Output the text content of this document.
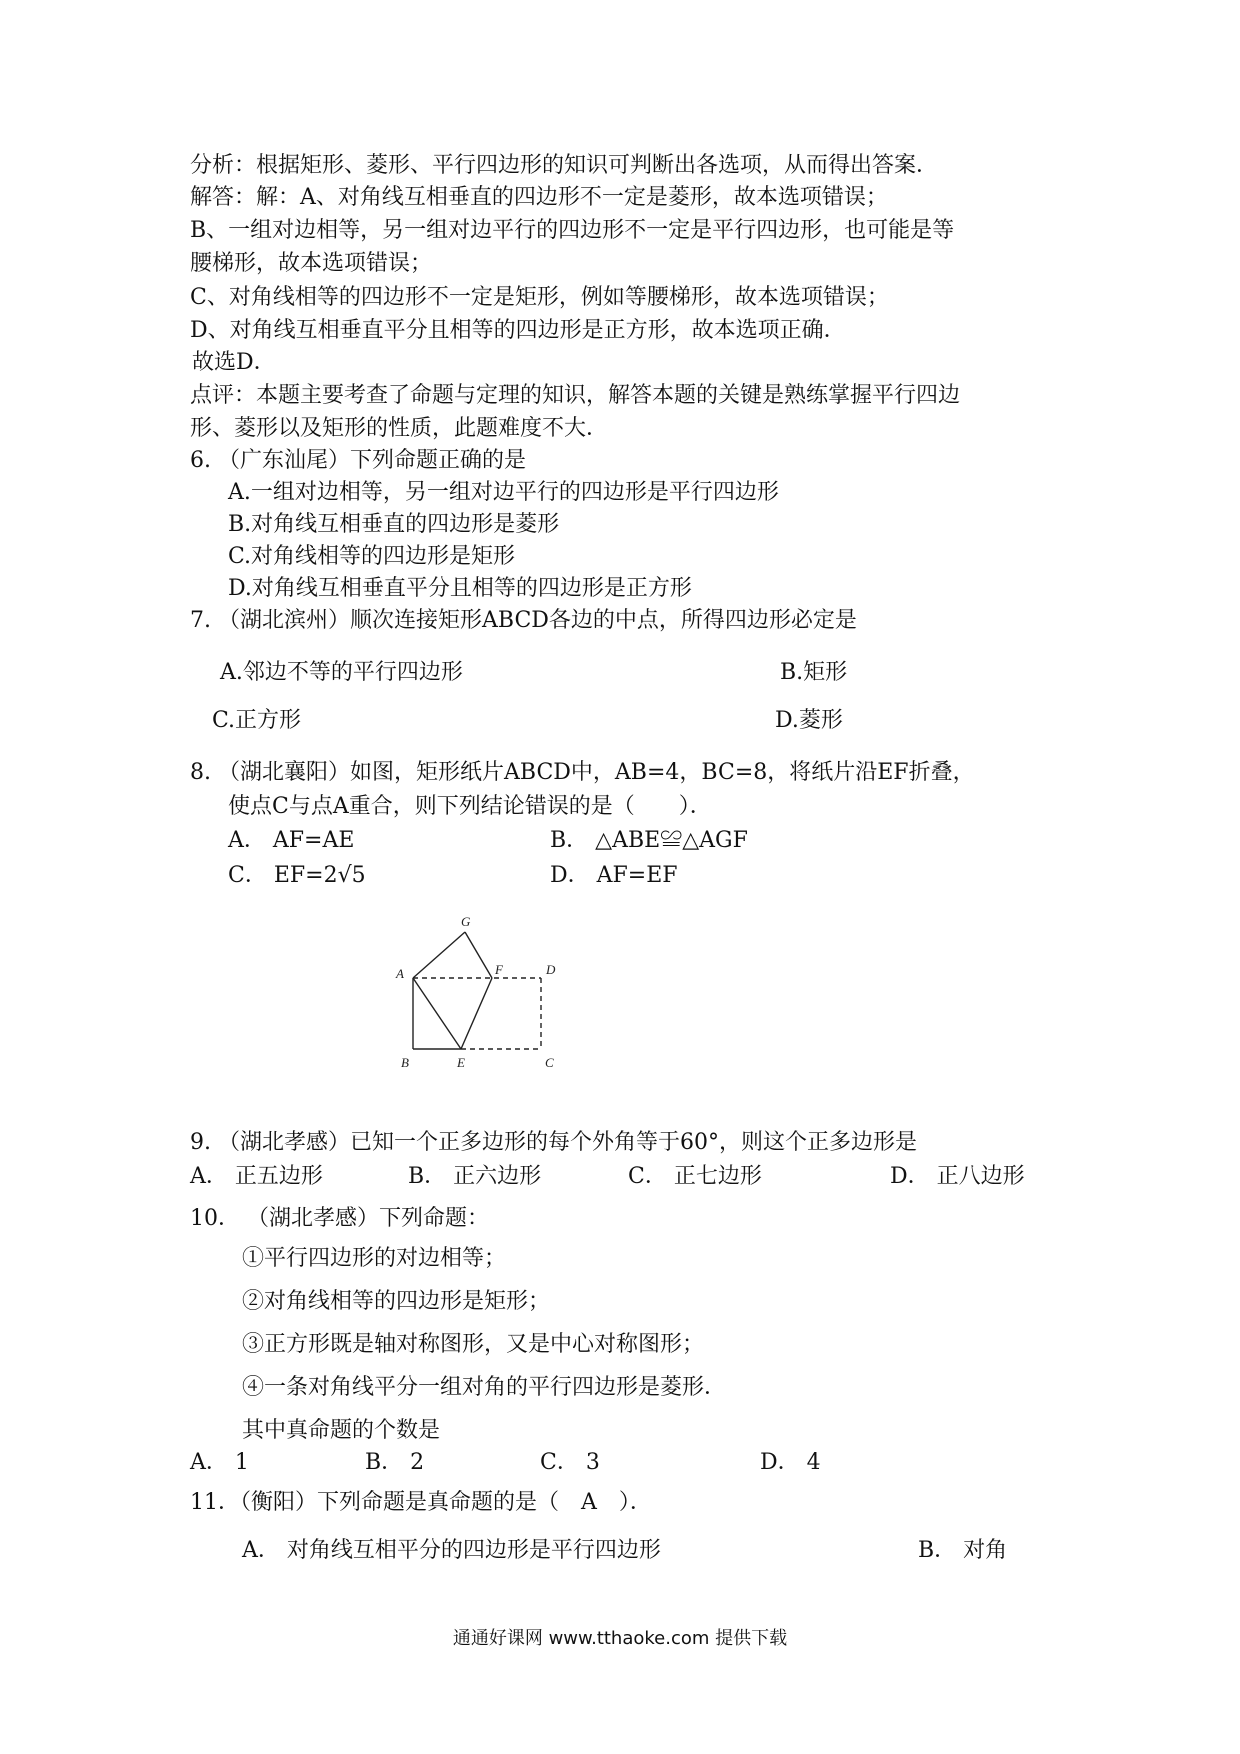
分析：根据矩形、菱形、平行四边形的知识可判断出各选项，从而得出答案．
解答：解：A、对角线互相垂直的四边形不一定是菱形，故本选项错误；
B、一组对边相等，另一组对边平行的四边形不一定是平行四边形，也可能是等
腰梯形，故本选项错误；
C、对角线相等的四边形不一定是矩形，例如等腰梯形，故本选项错误；
D、对角线互相垂直平分且相等的四边形是正方形，故本选项正确．
故选D．
点评：本题主要考查了命题与定理的知识，解答本题的关键是熟练掌握平行四边
形、菱形以及矩形的性质，此题难度不大．
6. （广东汕尾）下列命题正确的是
A.一组对边相等，另一组对边平行的四边形是平行四边形
B.对角线互相垂直的四边形是菱形
C.对角线相等的四边形是矩形
D.对角线互相垂直平分且相等的四边形是正方形
7. （湖北滨州）顺次连接矩形ABCD各边的中点，所得四边形必定是
A.邻边不等的平行四边形	B.矩形
C.正方形	D.菱形
8. （湖北襄阳）如图，矩形纸片ABCD中，AB=4，BC=8，将纸片沿EF折叠，
使点C与点A重合，则下列结论错误的是（　　）．
A． AF=AE	B． △ABE≌△AGF
C． EF=2√5	D． AF=EF
G
A	F	D
B	E	C
9. （湖北孝感）已知一个正多边形的每个外角等于60°，则这个正多边形是
A． 正五边形	B． 正六边形	C． 正七边形	D． 正八边形
10． （湖北孝感）下列命题：
①平行四边形的对边相等；
②对角线相等的四边形是矩形；
③正方形既是轴对称图形，又是中心对称图形；
④一条对角线平分一组对角的平行四边形是菱形．
其中真命题的个数是
A． 1	B． 2	C． 3	D． 4
11．（衡阳）下列命题是真命题的是（　A　）．
A． 对角线互相平分的四边形是平行四边形	B． 对角
通通好课网 www.tthaoke.com 提供下载
